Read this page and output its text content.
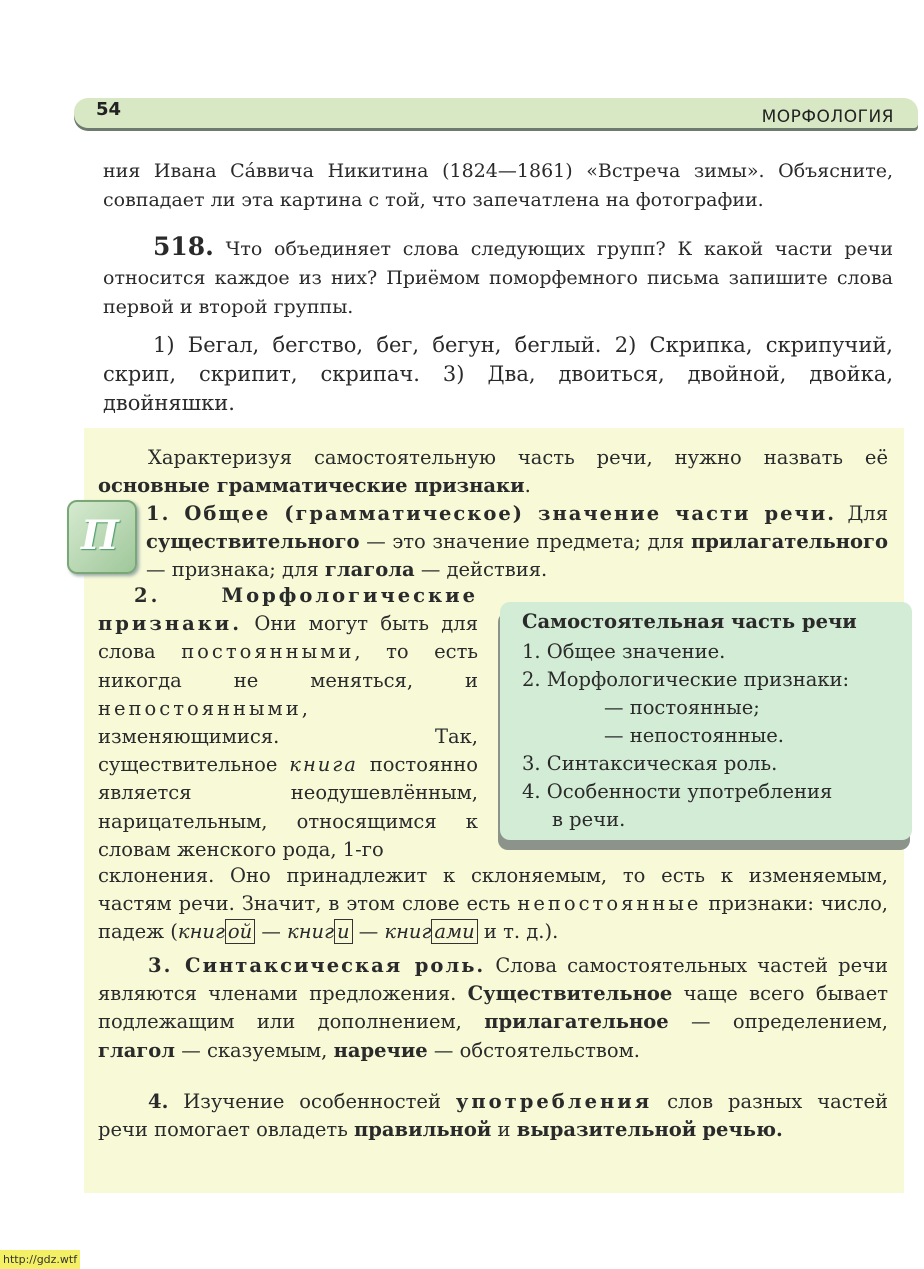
54	МОРФОЛОГИЯ
ния Ивана Са́ввича Никитина (1824—1861) «Встреча зимы». Объясните, совпадает ли эта картина с той, что запечатлена на фотографии.
518. Что объединяет слова следующих групп? К какой части речи относится каждое из них? Приёмом поморфемного письма запишите слова первой и второй группы.
1) Бегал, бегство, бег, бегун, беглый. 2) Скрипка, скрипучий, скрип, скрипит, скрипач. 3) Два, двоиться, двойной, двойка, двойняшки.
Характеризуя самостоятельную часть речи, нужно назвать её основные грамматические признаки.
П 1. Общее (грамматическое) значение части речи. Для существительного — это значение предмета; для прилагательного — признака; для глагола — действия.
2. Морфологические признаки. Они могут быть для слова постоянными, то есть никогда не меняться, и непостоянными, изменяющимися. Так, существительное книга постоянно является неодушевлённым, нарицательным, относящимся к словам женского рода, 1-го
склонения. Оно принадлежит к склоняемым, то есть к изменяемым, частям речи. Значит, в этом слове есть непостоянные признаки: число, падеж (книг ой — книг и — книг ами и т. д.).
3. Синтаксическая роль. Слова самостоятельных частей речи являются членами предложения. Существительное чаще всего бывает подлежащим или дополнением, прилагательное — определением, глагол — сказуемым, наречие — обстоятельством.
4. Изучение особенностей употребления слов разных частей речи помогает овладеть правильной и выразительной речью.
Самостоятельная часть речи
1. Общее значение.
2. Морфологические признаки:
— постоянные;
— непостоянные.
3. Синтаксическая роль.
4. Особенности употребления
в речи.
http://gdz.wtf
